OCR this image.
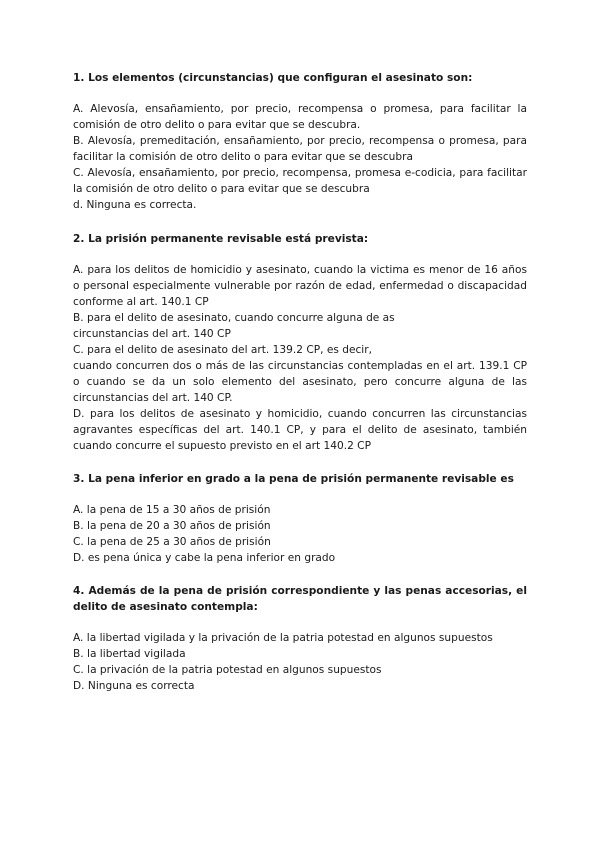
1. Los elementos (circunstancias) que configuran el asesinato son:

A. Alevosía, ensañamiento, por precio, recompensa o promesa, para facilitar la comisión de otro delito o para evitar que se descubra.

B. Alevosía, premeditación, ensañamiento, por precio, recompensa o promesa, para facilitar la comisión de otro delito o para evitar que se descubra

C. Alevosía, ensañamiento, por precio, recompensa, promesa e-codicia, para facilitar la comisión de otro delito o para evitar que se descubra

d. Ninguna es correcta.

2. La prisión permanente revisable está prevista:

A. para los delitos de homicidio y asesinato, cuando la victima es menor de 16 años o personal especialmente vulnerable por razón de edad, enfermedad o discapacidad conforme al art. 140.1 CP

B. para el delito de asesinato, cuando concurre alguna de as

circunstancias del art. 140 CP

C. para el delito de asesinato del art. 139.2 CP, es decir,

cuando concurren dos o más de las circunstancias contempladas en el art. 139.1 CP o cuando se da un solo elemento del asesinato, pero concurre alguna de las circunstancias del art. 140 CP.

D. para los delitos de asesinato y homicidio, cuando concurren las circunstancias agravantes específicas del art. 140.1 CP, y para el delito de asesinato, también cuando concurre el supuesto previsto en el art 140.2 CP

3. La pena inferior en grado a la pena de prisión permanente revisable es

A. la pena de 15 a 30 años de prisión

B. la pena de 20 a 30 años de prisión

C. la pena de 25 a 30 años de prisión

D. es pena única y cabe la pena inferior en grado

4. Además de la pena de prisión correspondiente y las penas accesorias, el delito de asesinato contempla:

A. la libertad vigilada y la privación de la patria potestad en algunos supuestos

B. la libertad vigilada

C. la privación de la patria potestad en algunos supuestos

D. Ninguna es correcta
